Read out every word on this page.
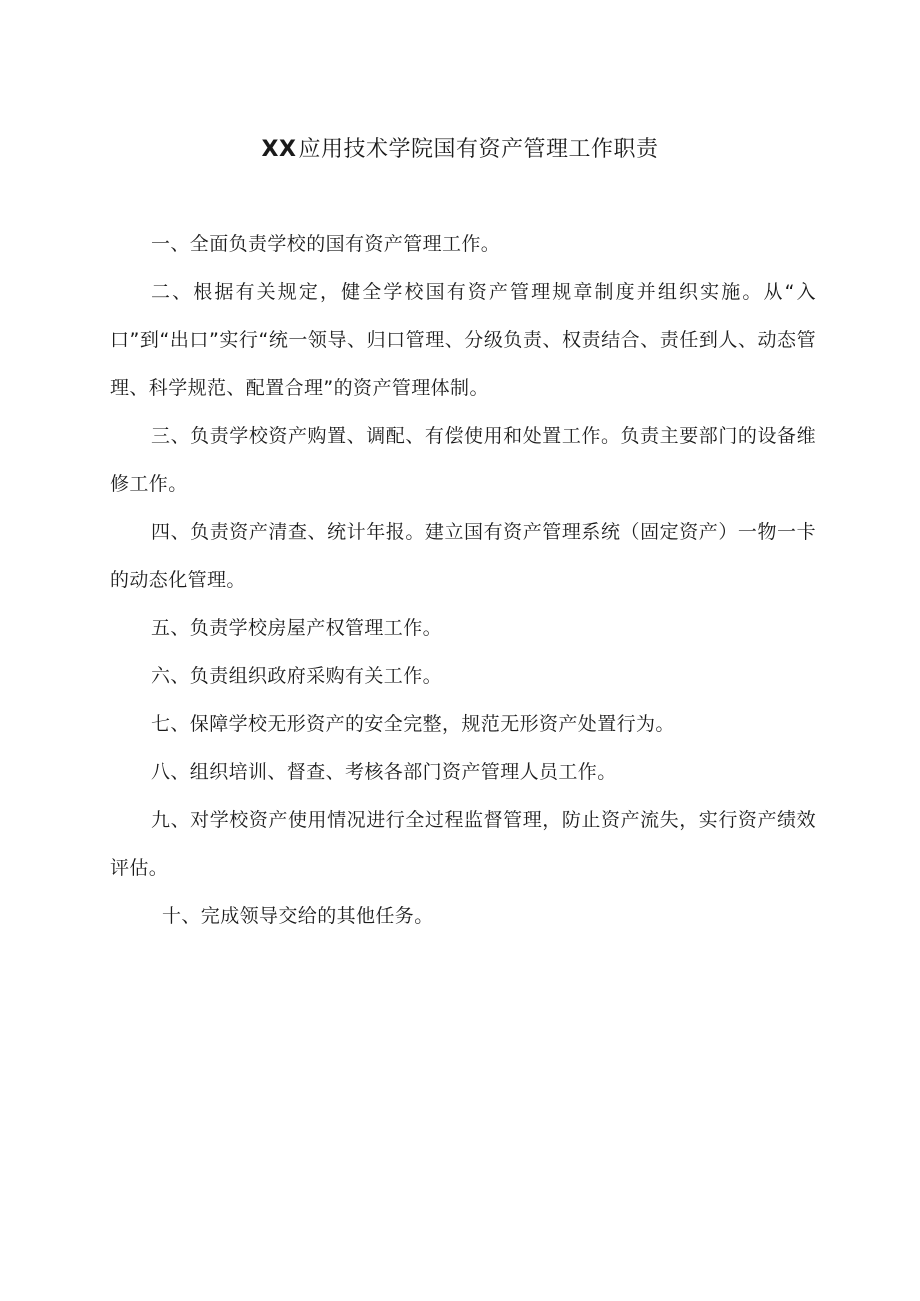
XX应用技术学院国有资产管理工作职责

一、全面负责学校的国有资产管理工作。

二、根据有关规定，健全学校国有资产管理规章制度并组织实施。从“入口”到“出口”实行“统一领导、归口管理、分级负责、权责结合、责任到人、动态管理、科学规范、配置合理”的资产管理体制。

三、负责学校资产购置、调配、有偿使用和处置工作。负责主要部门的设备维修工作。

四、负责资产清查、统计年报。建立国有资产管理系统（固定资产）一物一卡的动态化管理。

五、负责学校房屋产权管理工作。

六、负责组织政府采购有关工作。

七、保障学校无形资产的安全完整，规范无形资产处置行为。

八、组织培训、督查、考核各部门资产管理人员工作。

九、对学校资产使用情况进行全过程监督管理，防止资产流失，实行资产绩效评估。

十、完成领导交给的其他任务。
